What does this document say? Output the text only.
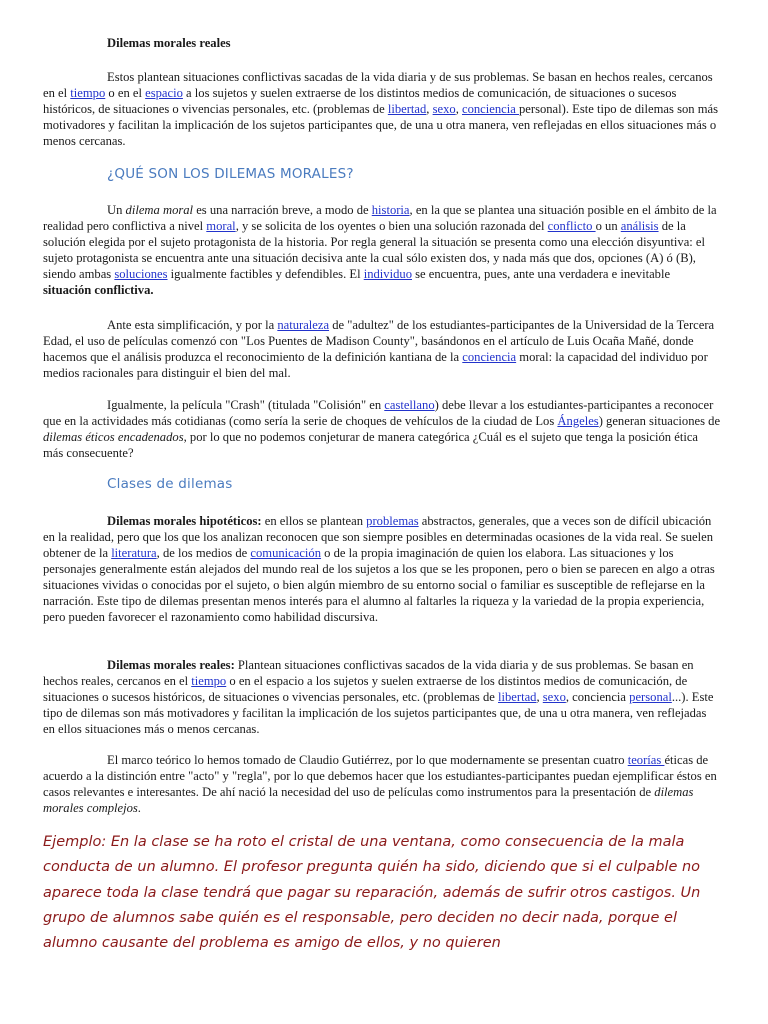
Dilemas morales reales

Estos plantean situaciones conflictivas sacadas de la vida diaria y de sus problemas. Se basan en hechos reales, cercanos en el tiempo o en el espacio a los sujetos y suelen extraerse de los distintos medios de comunicación, de situaciones o sucesos históricos, de situaciones o vivencias personales, etc. (problemas de libertad, sexo, conciencia personal). Este tipo de dilemas son más motivadores y facilitan la implicación de los sujetos participantes que, de una u otra manera, ven reflejadas en ellos situaciones más o menos cercanas.

¿QUÉ SON LOS DILEMAS MORALES?

Un dilema moral es una narración breve, a modo de historia, en la que se plantea una situación posible en el ámbito de la realidad pero conflictiva a nivel moral, y se solicita de los oyentes o bien una solución razonada del conflicto o un análisis de la solución elegida por el sujeto protagonista de la historia. Por regla general la situación se presenta como una elección disyuntiva: el sujeto protagonista se encuentra ante una situación decisiva ante la cual sólo existen dos, y nada más que dos, opciones (A) ó (B), siendo ambas soluciones igualmente factibles y defendibles. El individuo se encuentra, pues, ante una verdadera e inevitable situación conflictiva.

Ante esta simplificación, y por la naturaleza de "adultez" de los estudiantes-participantes de la Universidad de la Tercera Edad, el uso de películas comenzó con "Los Puentes de Madison County", basándonos en el artículo de Luis Ocaña Mañé, donde hacemos que el análisis produzca el reconocimiento de la definición kantiana de la conciencia moral: la capacidad del individuo por medios racionales para distinguir el bien del mal.

Igualmente, la película "Crash" (titulada "Colisión" en castellano) debe llevar a los estudiantes-participantes a reconocer que en la actividades más cotidianas (como sería la serie de choques de vehículos de la ciudad de Los Ángeles) generan situaciones de dilemas éticos encadenados, por lo que no podemos conjeturar de manera categórica ¿Cuál es el sujeto que tenga la posición ética más consecuente?

Clases de dilemas

Dilemas morales hipotéticos: en ellos se plantean problemas abstractos, generales, que a veces son de difícil ubicación en la realidad, pero que los que los analizan reconocen que son siempre posibles en determinadas ocasiones de la vida real. Se suelen obtener de la literatura, de los medios de comunicación o de la propia imaginación de quien los elabora. Las situaciones y los personajes generalmente están alejados del mundo real de los sujetos a los que se les proponen, pero o bien se parecen en algo a otras situaciones vividas o conocidas por el sujeto, o bien algún miembro de su entorno social o familiar es susceptible de reflejarse en la narración. Este tipo de dilemas presentan menos interés para el alumno al faltarles la riqueza y la variedad de la propia experiencia, pero pueden favorecer el razonamiento como habilidad discursiva.

Dilemas morales reales: Plantean situaciones conflictivas sacados de la vida diaria y de sus problemas. Se basan en hechos reales, cercanos en el tiempo o en el espacio a los sujetos y suelen extraerse de los distintos medios de comunicación, de situaciones o sucesos históricos, de situaciones o vivencias personales, etc. (problemas de libertad, sexo, conciencia personal...). Este tipo de dilemas son más motivadores y facilitan la implicación de los sujetos participantes que, de una u otra manera, ven reflejadas en ellos situaciones más o menos cercanas.

El marco teórico lo hemos tomado de Claudio Gutiérrez, por lo que modernamente se presentan cuatro teorías éticas de acuerdo a la distinción entre "acto" y "regla", por lo que debemos hacer que los estudiantes-participantes puedan ejemplificar éstos en casos relevantes e interesantes. De ahí nació la necesidad del uso de películas como instrumentos para la presentación de dilemas morales complejos.

Ejemplo: En la clase se ha roto el cristal de una ventana, como consecuencia de la mala conducta de un alumno. El profesor pregunta quién ha sido, diciendo que si el culpable no aparece toda la clase tendrá que pagar su reparación, además de sufrir otros castigos. Un grupo de alumnos sabe quién es el responsable, pero deciden no decir nada, porque el alumno causante del problema es amigo de ellos, y no quieren
